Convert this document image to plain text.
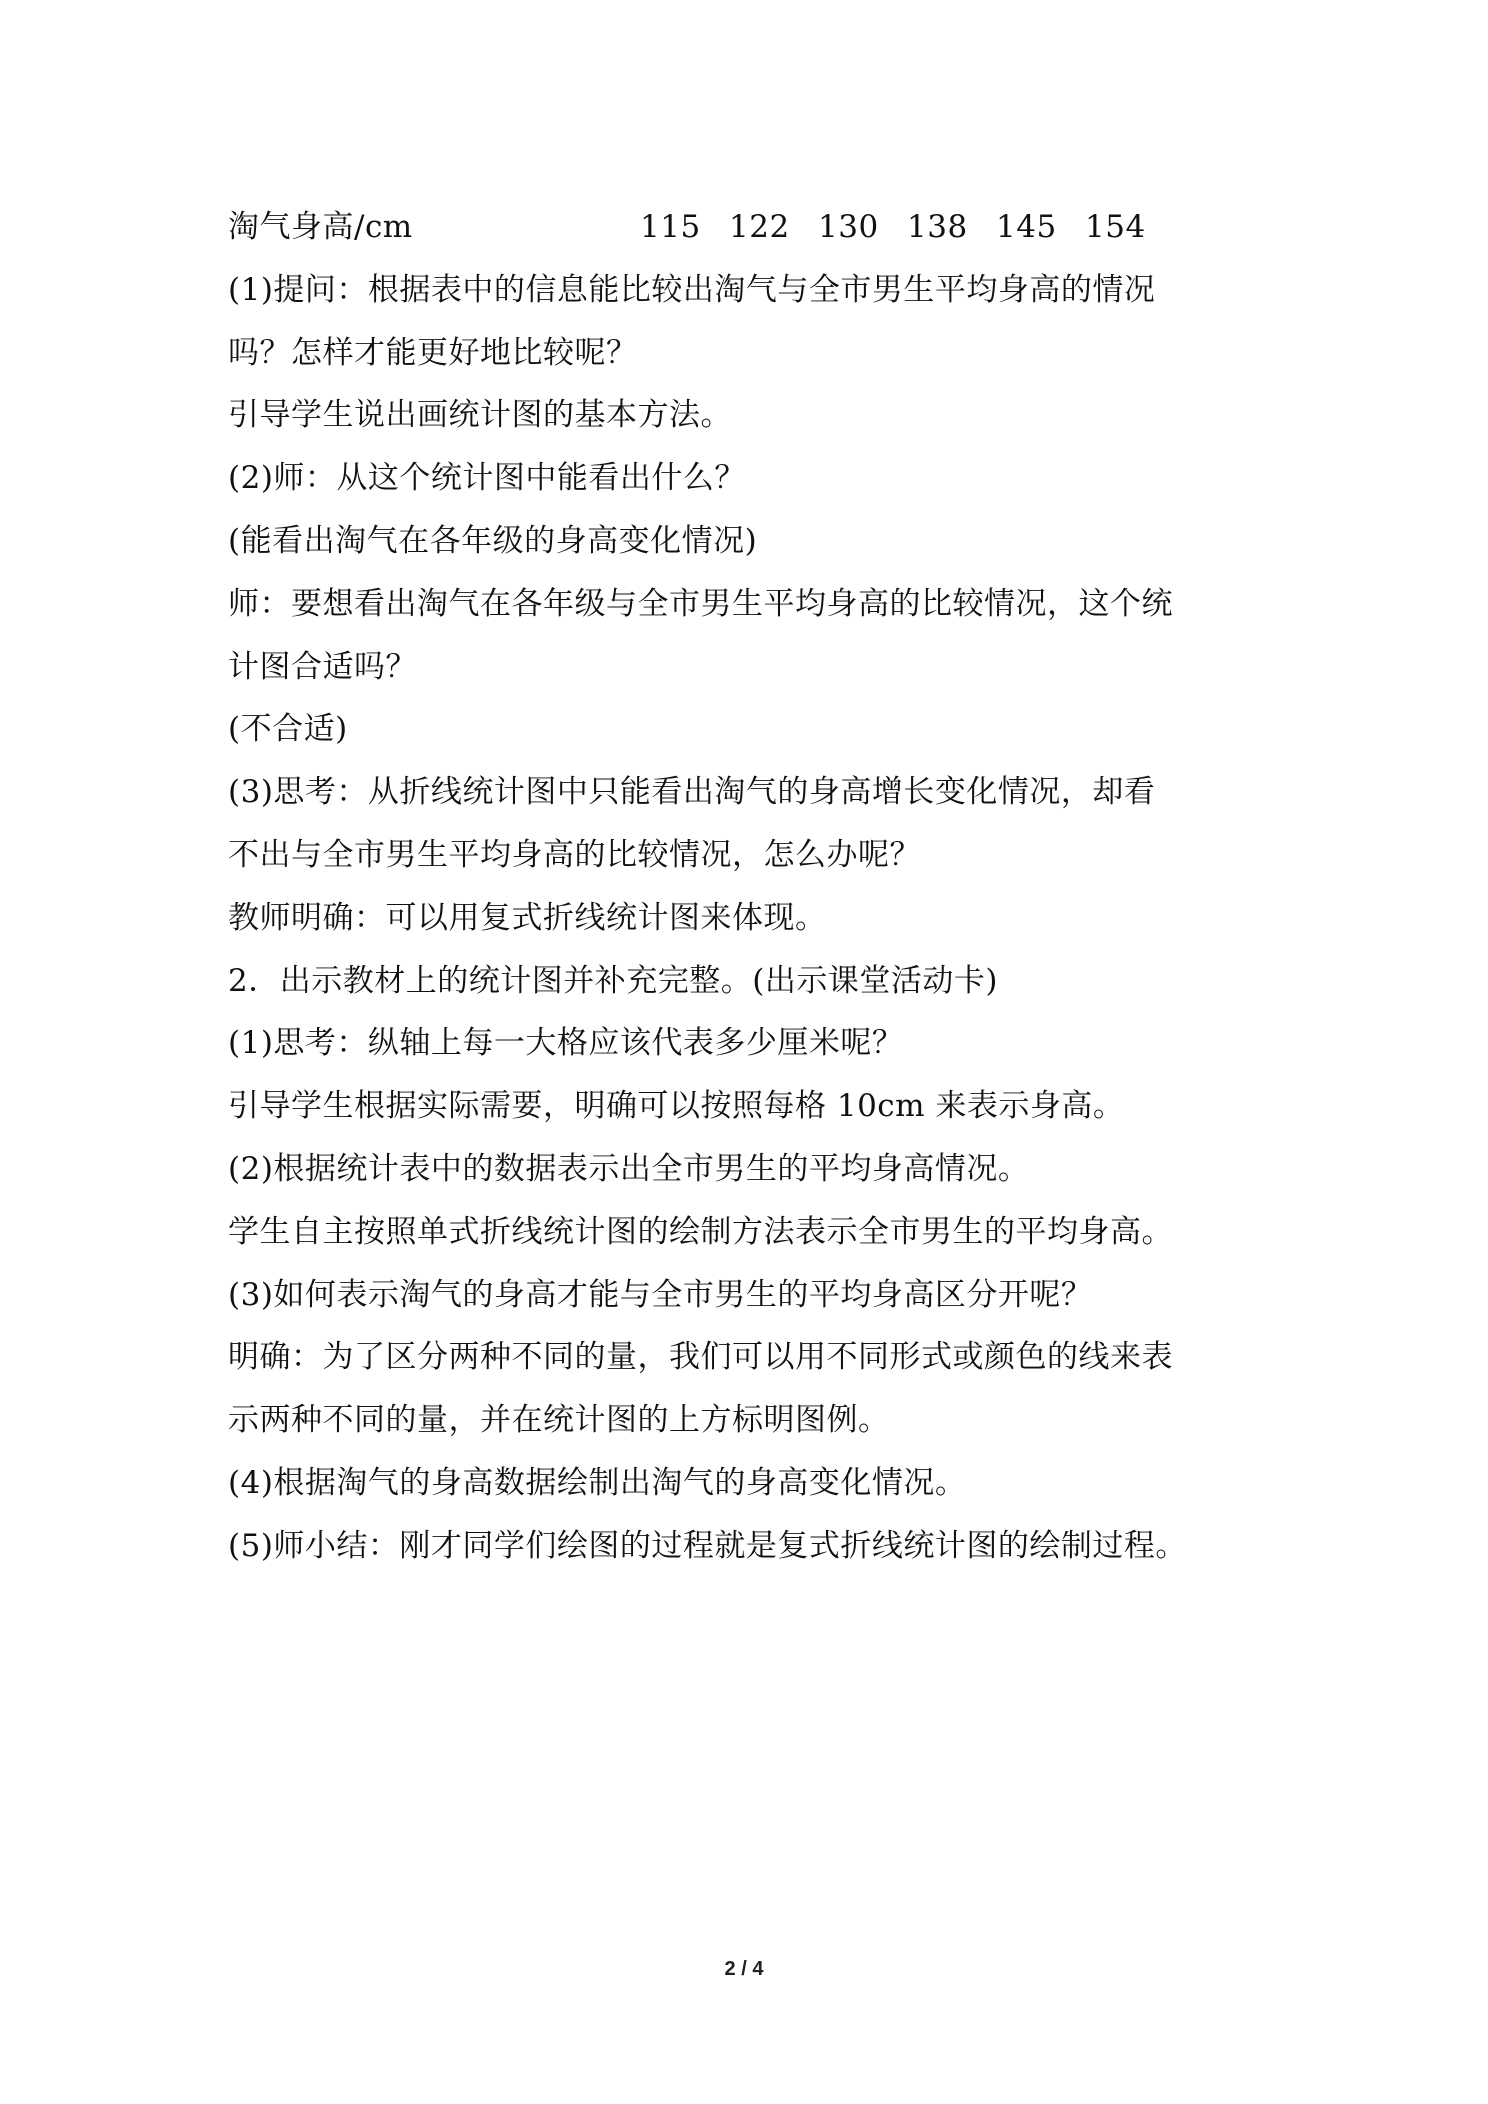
淘气身高/cm	115 122 130 138 145 154
(1)提问：根据表中的信息能比较出淘气与全市男生平均身高的情况
吗？怎样才能更好地比较呢？
引导学生说出画统计图的基本方法。
(2)师：从这个统计图中能看出什么？
(能看出淘气在各年级的身高变化情况)
师：要想看出淘气在各年级与全市男生平均身高的比较情况，这个统
计图合适吗？
(不合适)
(3)思考：从折线统计图中只能看出淘气的身高增长变化情况，却看
不出与全市男生平均身高的比较情况，怎么办呢？
教师明确：可以用复式折线统计图来体现。
2．出示教材上的统计图并补充完整。(出示课堂活动卡)
(1)思考：纵轴上每一大格应该代表多少厘米呢？
引导学生根据实际需要，明确可以按照每格 10cm 来表示身高。
(2)根据统计表中的数据表示出全市男生的平均身高情况。
学生自主按照单式折线统计图的绘制方法表示全市男生的平均身高。
(3)如何表示淘气的身高才能与全市男生的平均身高区分开呢？
明确：为了区分两种不同的量，我们可以用不同形式或颜色的线来表
示两种不同的量，并在统计图的上方标明图例。
(4)根据淘气的身高数据绘制出淘气的身高变化情况。
(5)师小结：刚才同学们绘图的过程就是复式折线统计图的绘制过程。
2 / 4
